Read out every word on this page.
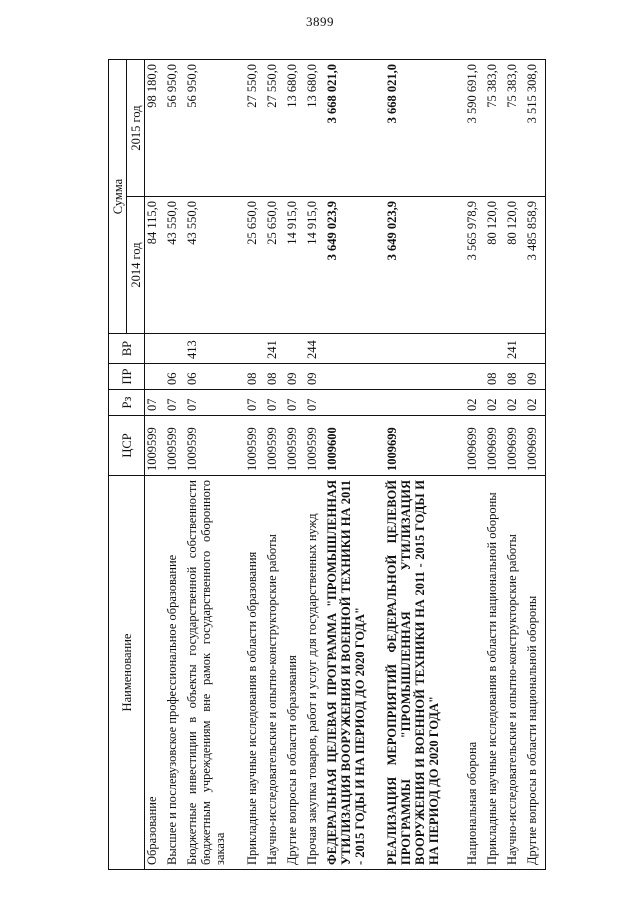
3899
Наименование	ЦСР	Рз	ПР	ВР	Сумма	
					2014 год	2015 год
Образование	1009599	07			84 115,0	98 180,0
Высшее и послевузовское профессиональное образование	1009599	07	06		43 550,0	56 950,0
Бюджетные инвестиции в объекты государственной собственности бюджетным учреждениям вне рамок государственного оборонного заказа	1009599	07	06	413	43 550,0	56 950,0
Прикладные научные исследования в области образования	1009599	07	08		25 650,0	27 550,0
Научно-исследовательские и опытно-конструкторские работы	1009599	07	08	241	25 650,0	27 550,0
Другие вопросы в области образования	1009599	07	09		14 915,0	13 680,0
Прочая закупка товаров, работ и услуг для государственных нужд	1009599	07	09	244	14 915,0	13 680,0
ФЕДЕРАЛЬНАЯ ЦЕЛЕВАЯ ПРОГРАММА "ПРОМЫШЛЕННАЯ УТИЛИЗАЦИЯ ВООРУЖЕНИЯ И ВОЕННОЙ ТЕХНИКИ НА 2011 - 2015 ГОДЫ И НА ПЕРИОД ДО 2020 ГОДА"	1009600				3 649 023,9	3 668 021,0
РЕАЛИЗАЦИЯ МЕРОПРИЯТИЙ ФЕДЕРАЛЬНОЙ ЦЕЛЕВОЙ ПРОГРАММЫ "ПРОМЫШЛЕННАЯ УТИЛИЗАЦИЯ ВООРУЖЕНИЯ И ВОЕННОЙ ТЕХНИКИ НА 2011 - 2015 ГОДЫ И НА ПЕРИОД ДО 2020 ГОДА"	1009699				3 649 023,9	3 668 021,0
Национальная оборона	1009699	02			3 565 978,9	3 590 691,0
Прикладные научные исследования в области национальной обороны	1009699	02	08		80 120,0	75 383,0
Научно-исследовательские и опытно-конструкторские работы	1009699	02	08	241	80 120,0	75 383,0
Другие вопросы в области национальной обороны	1009699	02	09		3 485 858,9	3 515 308,0
